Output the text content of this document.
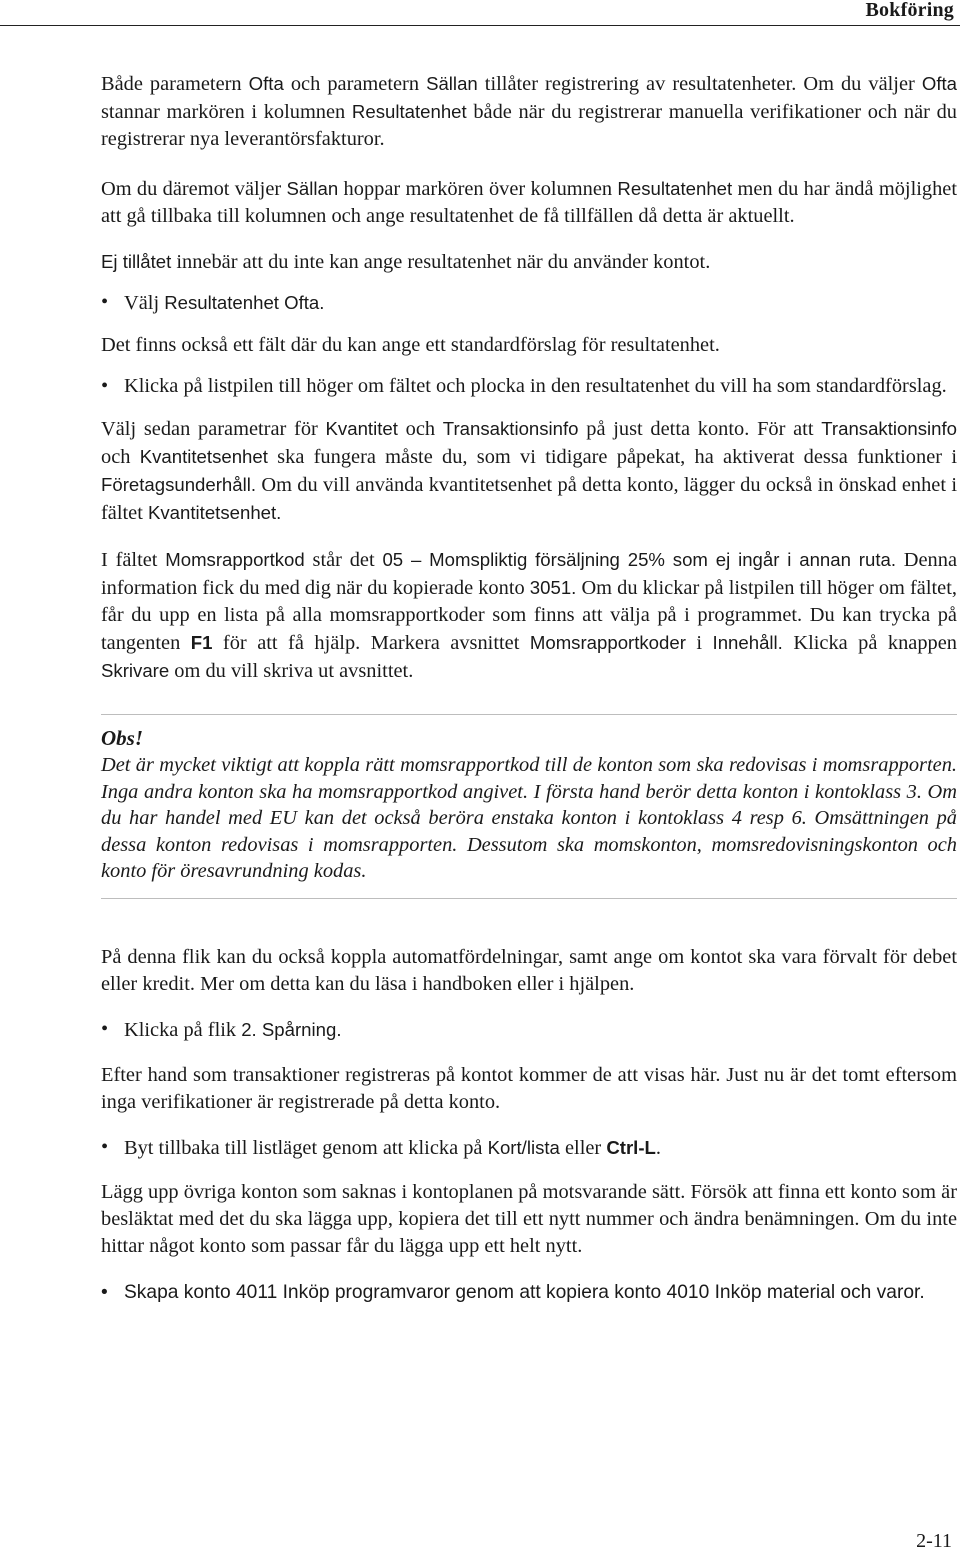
Bokföring

Både parametern Ofta och parametern Sällan tillåter registrering av resultatenheter. Om du väljer Ofta stannar markören i kolumnen Resultatenhet både när du registrerar manuella verifikationer och när du registrerar nya leverantörsfakturor.

Om du däremot väljer Sällan hoppar markören över kolumnen Resultatenhet men du har ändå möjlighet att gå tillbaka till kolumnen och ange resultatenhet de få tillfällen då detta är aktuellt.

Ej tillåtet innebär att du inte kan ange resultatenhet när du använder kontot.

• Välj Resultatenhet Ofta.

Det finns också ett fält där du kan ange ett standardförslag för resultatenhet.

• Klicka på listpilen till höger om fältet och plocka in den resultatenhet du vill ha som standardförslag.

Välj sedan parametrar för Kvantitet och Transaktionsinfo på just detta konto. För att Transaktionsinfo och Kvantitetsenhet ska fungera måste du, som vi tidigare påpekat, ha aktiverat dessa funktioner i Företagsunderhåll. Om du vill använda kvantitetsenhet på detta konto, lägger du också in önskad enhet i fältet Kvantitetsenhet.

I fältet Momsrapportkod står det 05 – Momspliktig försäljning 25% som ej ingår i annan ruta. Denna information fick du med dig när du kopierade konto 3051. Om du klickar på listpilen till höger om fältet, får du upp en lista på alla momsrapportkoder som finns att välja på i programmet. Du kan trycka på tangenten F1 för att få hjälp. Markera avsnittet Momsrapportkoder i Innehåll. Klicka på knappen Skrivare om du vill skriva ut avsnittet.

Obs!

Det är mycket viktigt att koppla rätt momsrapportkod till de konton som ska redovisas i momsrapporten. Inga andra konton ska ha momsrapportkod angivet. I första hand berör detta konton i kontoklass 3. Om du har handel med EU kan det också beröra enstaka konton i kontoklass 4 resp 6. Omsättningen på dessa konton redovisas i momsrapporten. Dessutom ska momskonton, momsredovisningskonton och konto för öresavrundning kodas.

På denna flik kan du också koppla automatfördelningar, samt ange om kontot ska vara förvalt för debet eller kredit. Mer om detta kan du läsa i handboken eller i hjälpen.

• Klicka på flik 2. Spårning.

Efter hand som transaktioner registreras på kontot kommer de att visas här. Just nu är det tomt eftersom inga verifikationer är registrerade på detta konto.

• Byt tillbaka till listläget genom att klicka på Kort/lista eller Ctrl-L.

Lägg upp övriga konton som saknas i kontoplanen på motsvarande sätt. Försök att finna ett konto som är besläktat med det du ska lägga upp, kopiera det till ett nytt nummer och ändra benämningen. Om du inte hittar något konto som passar får du lägga upp ett helt nytt.

• Skapa konto 4011 Inköp programvaror genom att kopiera konto 4010 Inköp material och varor.
2-11
